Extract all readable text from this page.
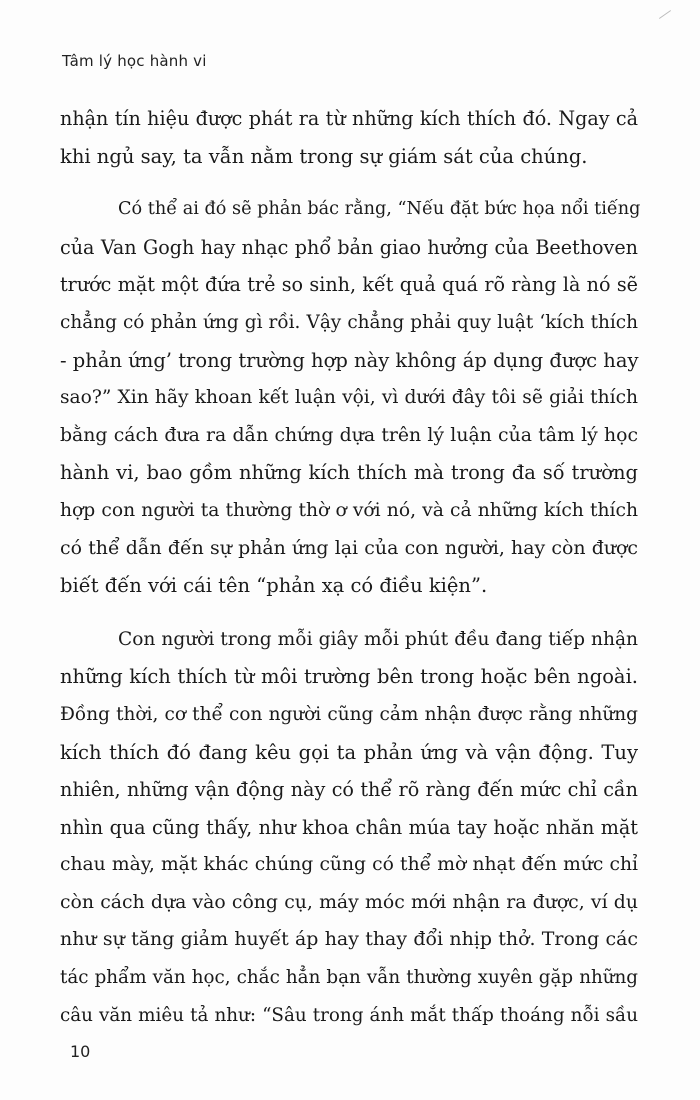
Tâm lý học hành vi

nhận tín hiệu được phát ra từ những kích thích đó. Ngay cả
khi ngủ say, ta vẫn nằm trong sự giám sát của chúng.

Có thể ai đó sẽ phản bác rằng, “Nếu đặt bức họa nổi tiếng
của Van Gogh hay nhạc phổ bản giao hưởng của Beethoven
trước mặt một đứa trẻ so sinh, kết quả quá rõ ràng là nó sẽ
chẳng có phản ứng gì rồi. Vậy chẳng phải quy luật ‘kích thích
- phản ứng’ trong trường hợp này không áp dụng được hay
sao?” Xin hãy khoan kết luận vội, vì dưới đây tôi sẽ giải thích
bằng cách đưa ra dẫn chứng dựa trên lý luận của tâm lý học
hành vi, bao gồm những kích thích mà trong đa số trường
hợp con người ta thường thờ ơ với nó, và cả những kích thích
có thể dẫn đến sự phản ứng lại của con người, hay còn được
biết đến với cái tên “phản xạ có điều kiện”.

Con người trong mỗi giây mỗi phút đều đang tiếp nhận
những kích thích từ môi trường bên trong hoặc bên ngoài.
Đồng thời, cơ thể con người cũng cảm nhận được rằng những
kích thích đó đang kêu gọi ta phản ứng và vận động. Tuy
nhiên, những vận động này có thể rõ ràng đến mức chỉ cần
nhìn qua cũng thấy, như khoa chân múa tay hoặc nhăn mặt
chau mày, mặt khác chúng cũng có thể mờ nhạt đến mức chỉ
còn cách dựa vào công cụ, máy móc mới nhận ra được, ví dụ
như sự tăng giảm huyết áp hay thay đổi nhịp thở. Trong các
tác phẩm văn học, chắc hẳn bạn vẫn thường xuyên gặp những
câu văn miêu tả như: “Sâu trong ánh mắt thấp thoáng nỗi sầu

10
